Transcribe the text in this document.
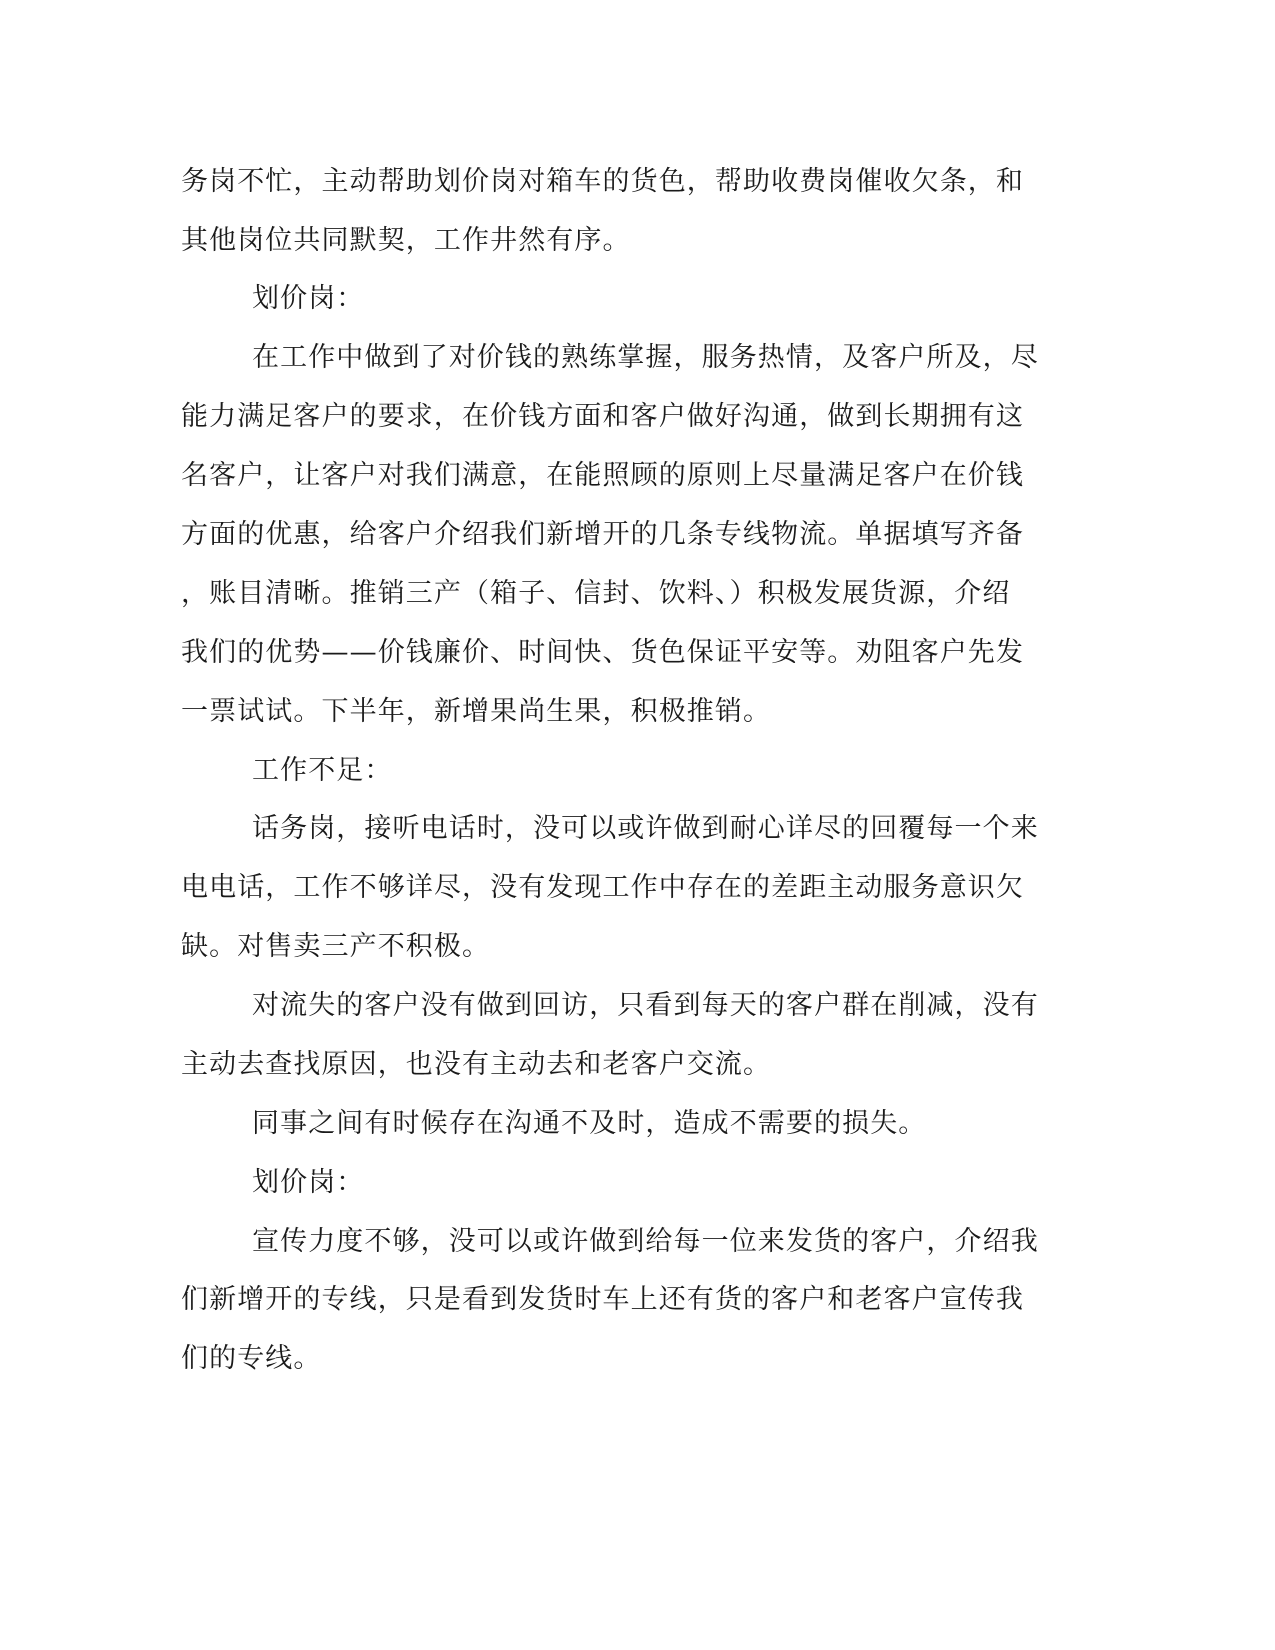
务岗不忙，主动帮助划价岗对箱车的货色，帮助收费岗催收欠条，和
其他岗位共同默契，工作井然有序。
划价岗：
在工作中做到了对价钱的熟练掌握，服务热情，及客户所及，尽
能力满足客户的要求，在价钱方面和客户做好沟通，做到长期拥有这
名客户，让客户对我们满意，在能照顾的原则上尽量满足客户在价钱
方面的优惠，给客户介绍我们新增开的几条专线物流。单据填写齐备
，账目清晰。推销三产（箱子、信封、饮料、）积极发展货源，介绍
我们的优势——价钱廉价、时间快、货色保证平安等。劝阻客户先发
一票试试。下半年，新增果尚生果，积极推销。
工作不足：
话务岗，接听电话时，没可以或许做到耐心详尽的回覆每一个来
电电话，工作不够详尽，没有发现工作中存在的差距主动服务意识欠
缺。对售卖三产不积极。
对流失的客户没有做到回访，只看到每天的客户群在削减，没有
主动去查找原因，也没有主动去和老客户交流。
同事之间有时候存在沟通不及时，造成不需要的损失。
划价岗：
宣传力度不够，没可以或许做到给每一位来发货的客户，介绍我
们新增开的专线，只是看到发货时车上还有货的客户和老客户宣传我
们的专线。
